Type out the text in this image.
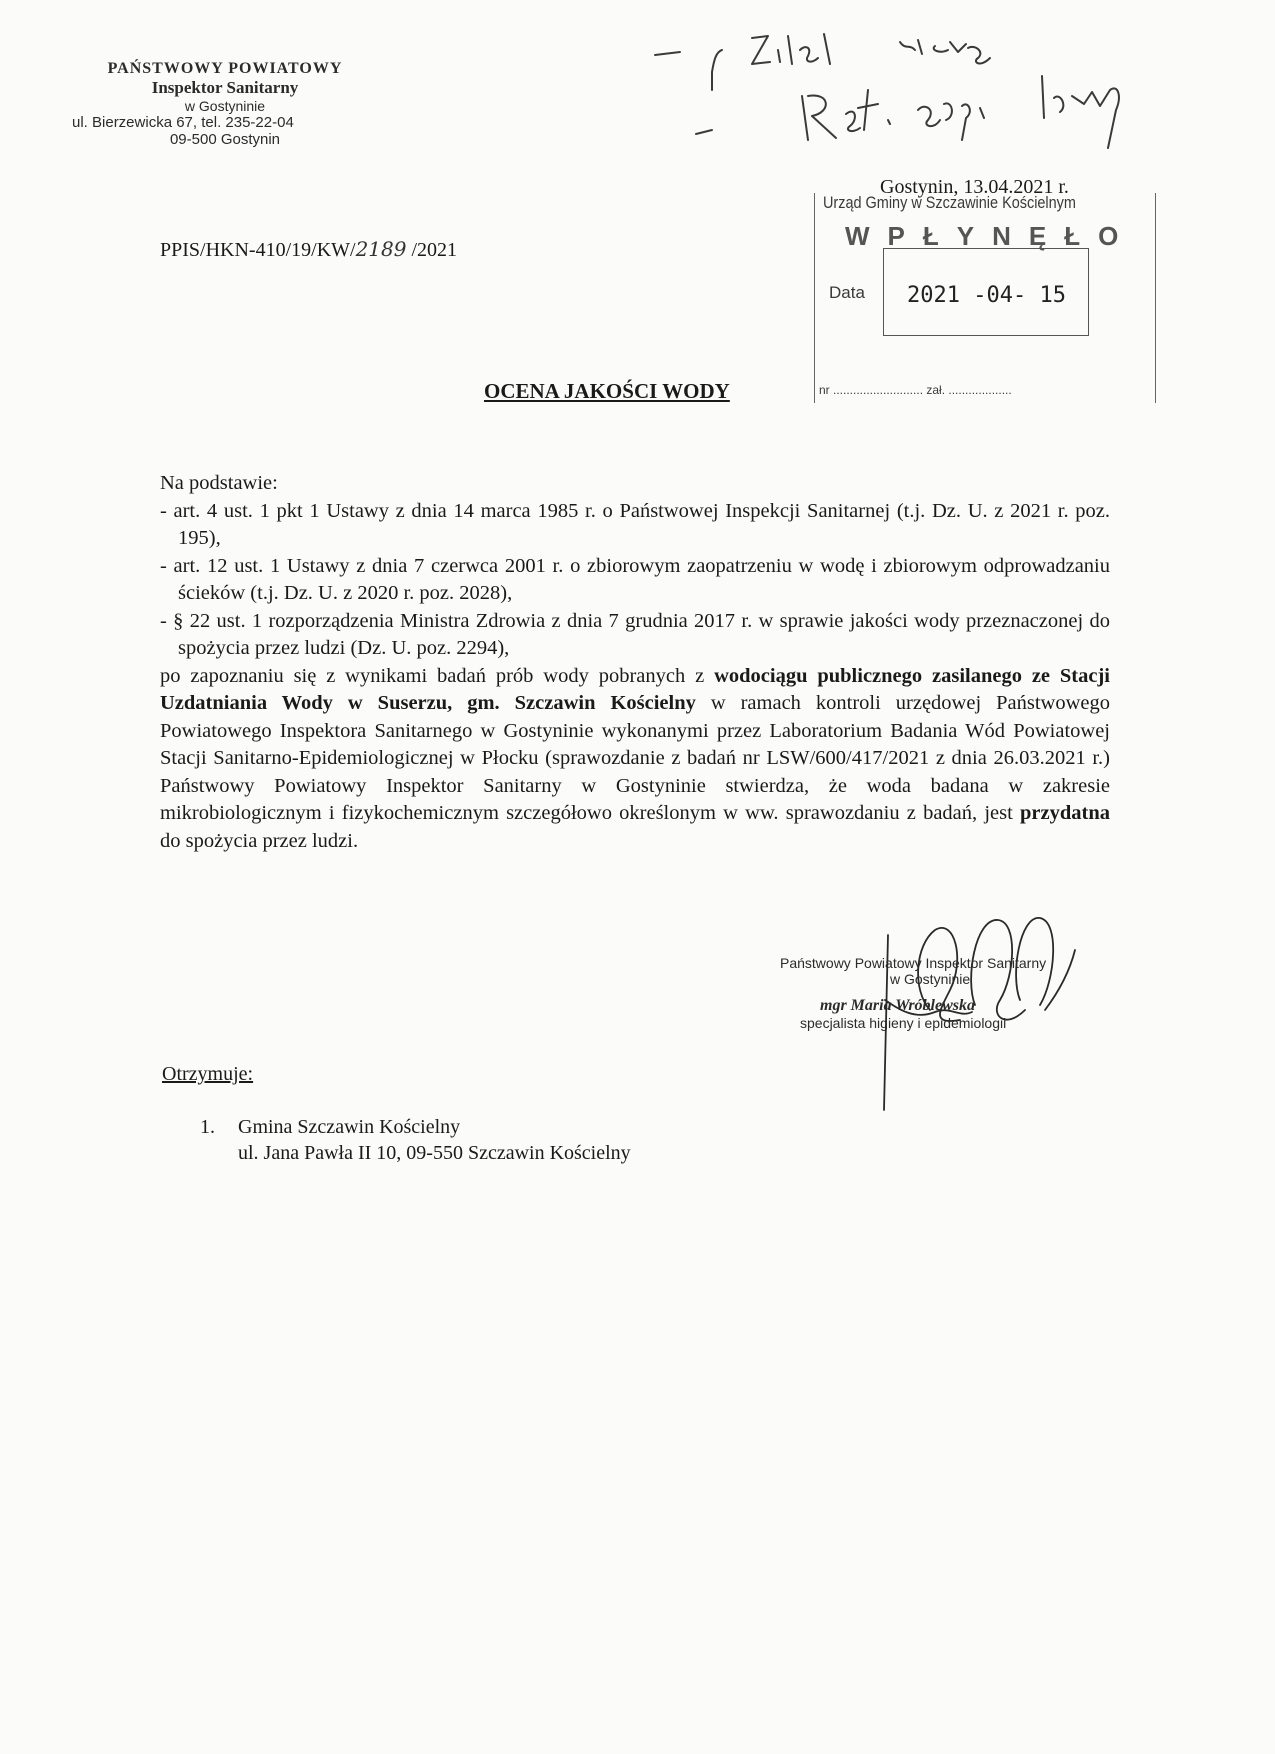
PAŃSTWOWY POWIATOWY
Inspektor Sanitarny
w Gostyninie
ul. Bierzewicka 67, tel. 235-22-04
09-500 Gostynin
Gostynin, 13.04.2021 r.
Urząd Gminy w Szczawinie Kościelnym
WPŁYNĘŁO
Data 2021 -04- 15
nr ........................... zał. ...................
PPIS/HKN-410/19/KW/2189 /2021
OCENA JAKOŚCI WODY

Na podstawie:

- art. 4 ust. 1 pkt 1 Ustawy z dnia 14 marca 1985 r. o Państwowej Inspekcji Sanitarnej (t.j. Dz. U. z 2021 r. poz. 195),

- art. 12 ust. 1 Ustawy z dnia 7 czerwca 2001 r. o zbiorowym zaopatrzeniu w wodę i zbiorowym odprowadzaniu ścieków (t.j. Dz. U. z 2020 r. poz. 2028),

- § 22 ust. 1 rozporządzenia Ministra Zdrowia z dnia 7 grudnia 2017 r. w sprawie jakości wody przeznaczonej do spożycia przez ludzi (Dz. U. poz. 2294),

po zapoznaniu się z wynikami badań prób wody pobranych z wodociągu publicznego zasilanego ze Stacji Uzdatniania Wody w Suserzu, gm. Szczawin Kościelny w ramach kontroli urzędowej Państwowego Powiatowego Inspektora Sanitarnego w Gostyninie wykonanymi przez Laboratorium Badania Wód Powiatowej Stacji Sanitarno-Epidemiologicznej w Płocku (sprawozdanie z badań nr LSW/600/417/2021 z dnia 26.03.2021 r.) Państwowy Powiatowy Inspektor Sanitarny w Gostyninie stwierdza, że woda badana w zakresie mikrobiologicznym i fizykochemicznym szczegółowo określonym w ww. sprawozdaniu z badań, jest przydatna do spożycia przez ludzi.

Państwowy Powiatowy Inspektor Sanitarny
w Gostyninie
mgr Maria Wróblewska
specjalista higieny i epidemiologii
Otrzymuje:
1. Gmina Szczawin Kościelny
ul. Jana Pawła II 10, 09-550 Szczawin Kościelny
